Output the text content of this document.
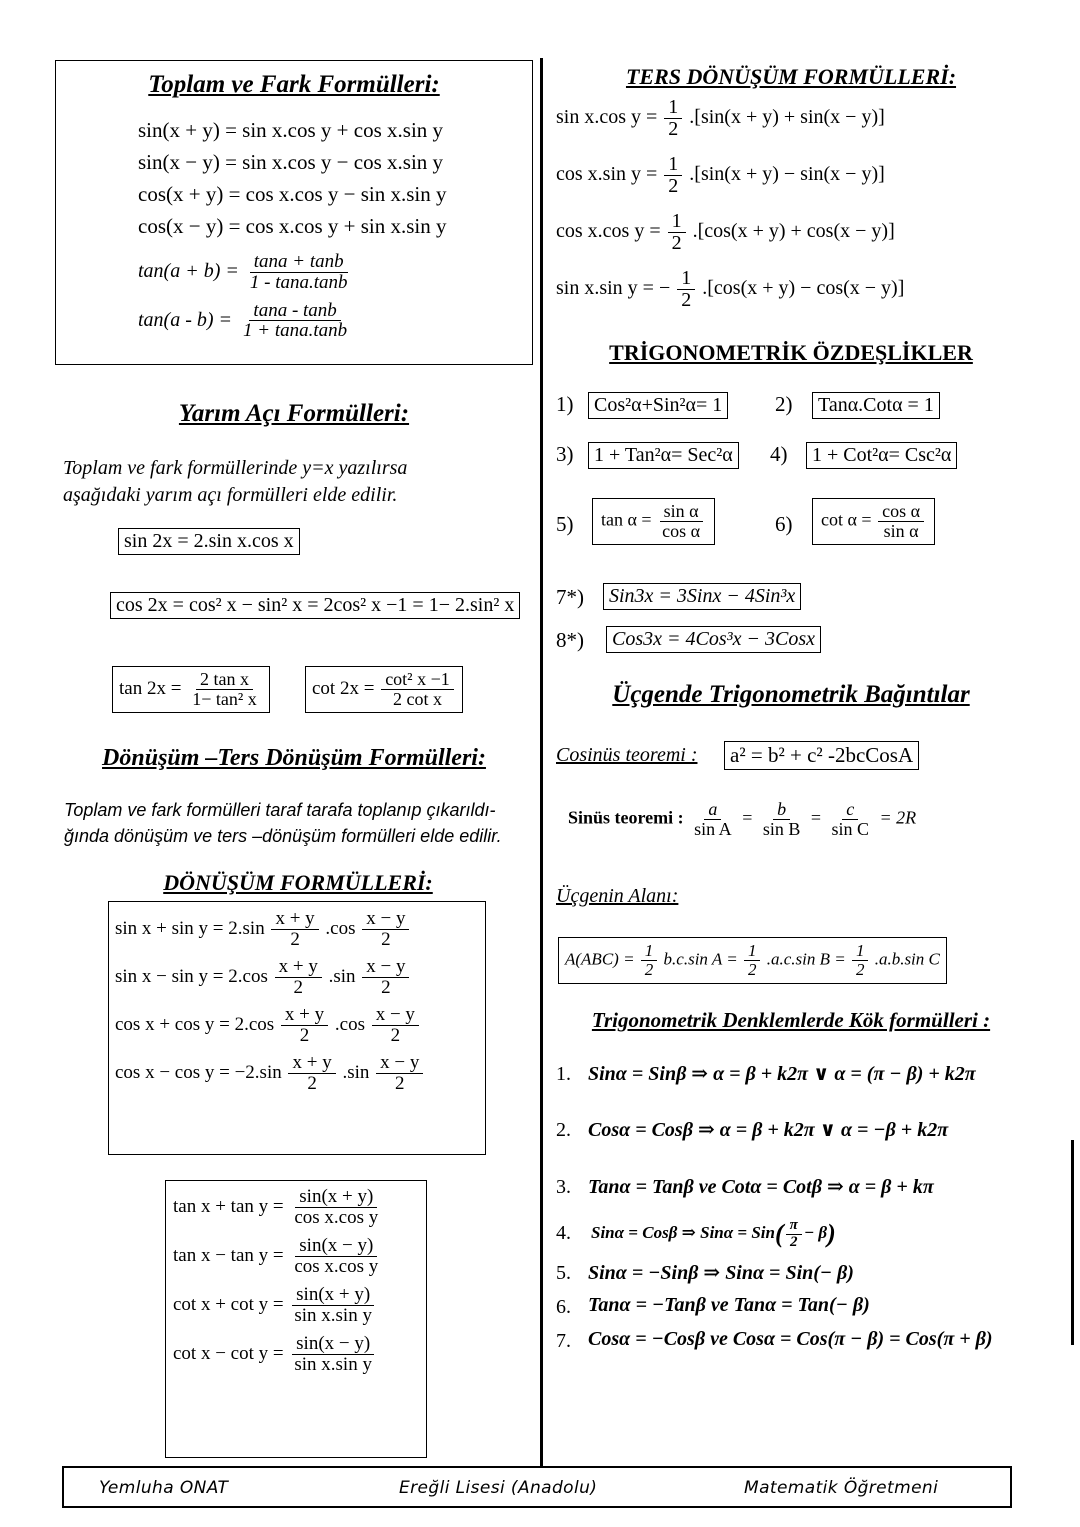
Toplam ve Fark Formülleri:
sin(x + y) = sin x.cos y + cos x.sin y
sin(x − y) = sin x.cos y − cos x.sin y
cos(x + y) = cos x.cos y − sin x.sin y
cos(x − y) = cos x.cos y + sin x.sin y
$\tan(a + b) = \frac{\tan a + \tan b}{1 - \tan a.\tan b}$
$\tan(a - b) = \frac{\tan a - \tan b}{1 + \tan a.\tan b}$
Yarım Açı Formülleri:
Toplam ve fark formüllerinde y=x yazılırsa
aşağıdaki yarım açı formülleri elde edilir.
sin 2x = 2.sin x.cos x
cos 2x = cos² x − sin² x = 2cos² x −1 = 1− 2.sin² x
$\tan 2x = \frac{\text{2 tan x}}{\text{1− tan² x}}$	$\cot 2x = \frac{\text{cot² x −1}}{\text{2 cot x}}$
Dönüşüm –Ters Dönüşüm Formülleri:
Toplam ve fark formülleri taraf tarafa toplanıp çıkarıldı-
ğında dönüşüm ve ters –dönüşüm formülleri elde edilir.
DÖNÜŞÜM FORMÜLLERİ:
$\sin x + \sin y = 2.\sin \frac{x + y}{2} .\cos \frac{x - y}{2}$
$\sin x - \sin y = 2.\cos \frac{x + y}{2} .\sin \frac{x - y}{2}$
$\cos x + \cos y = 2.\cos \frac{x + y}{2} .\cos \frac{x - y}{2}$
$\cos x - \cos y = -2.\sin \frac{x + y}{2} .\sin \frac{x - y}{2}$
$\tan x + \tan y = \frac{\sin(x + y)}{\text{cos x.cos y}}$
$\tan x - \tan y = \frac{\sin(x - y)}{\text{cos x.cos y}}$
$\cot x + \cot y = \frac{\sin(x + y)}{\text{sin x.sin y}}$
$\cot x - \cot y = \frac{\sin(x - y)}{\text{sin x.sin y}}$
TERS DÖNÜŞÜM FORMÜLLERİ:
sin x.cos $y = \frac{1}{2} .[\sin(x + y) + \sin(x - y)]$
cos x.sin $y = \frac{1}{2} .[\sin(x + y) - \sin(x - y)]$
cos x.cos $y = \frac{1}{2} .[\cos(x + y) + \cos(x - y)]$
sin x.sin y = − $\frac{1}{2} .[\cos(x + y) - \cos(x - y)]$
TRİGONOMETRİK ÖZDEŞLİKLER
1)	Cos²α+Sin²α= 1	2)	Tanα.Cotα = 1
3)	1 + Tan²α= Sec²α 4)	1 + Cot²α= Csc²α
5)	$\tan \alpha = \frac{\text{sin α}}{\text{cos α}}$	6)	$\cot \alpha = \frac{\text{cos α}}{\text{sin α}}$
7*)	Sin3x = 3Sinx − 4Sin³x
8*)	Cos3x = 4Cos³x − 3Cosx
Üçgende Trigonometrik Bağıntılar
Cosinüs teoremi : a² = b² + c² -2bcCosA
Sinüs teoremi : $\frac{a}{\text{sin A}} = \frac{b}{\text{sin B}} = \frac{c}{\text{sin C}} = 2R$
Üçgenin Alanı:
$A(ABC) = \frac{1}{2} b.c.\sin$ $A = \frac{1}{2} .a.c.\sin$ $B = \frac{1}{2} .a.b.\sin$ C
Trigonometrik Denklemlerde Kök formülleri :
1. Sinα = Sinβ ⇒ α = β + k2π ∨ α = (π − β) + k2π
2. Cosα = Cosβ ⇒ α = β + k2π ∨ α = −β + k2π
3. Tanα = Tanβ ve Cotα = Cotβ ⇒ α = β + kπ
4. Sinα = Cosβ ⇒ $Sin\alpha = Sin( \frac{\pi}{2} - \beta)$
5. Sinα = −Sinβ ⇒ Sinα = Sin(− β)
6. Tanα = −Tanβ ve Tanα = Tan(− β)
7. Cosα = −Cosβ ve Cosα = Cos(π − β) = Cos(π + β)
Yemluha ONAT	Ereğli Lisesi (Anadolu)	Matematik Öğretmeni
